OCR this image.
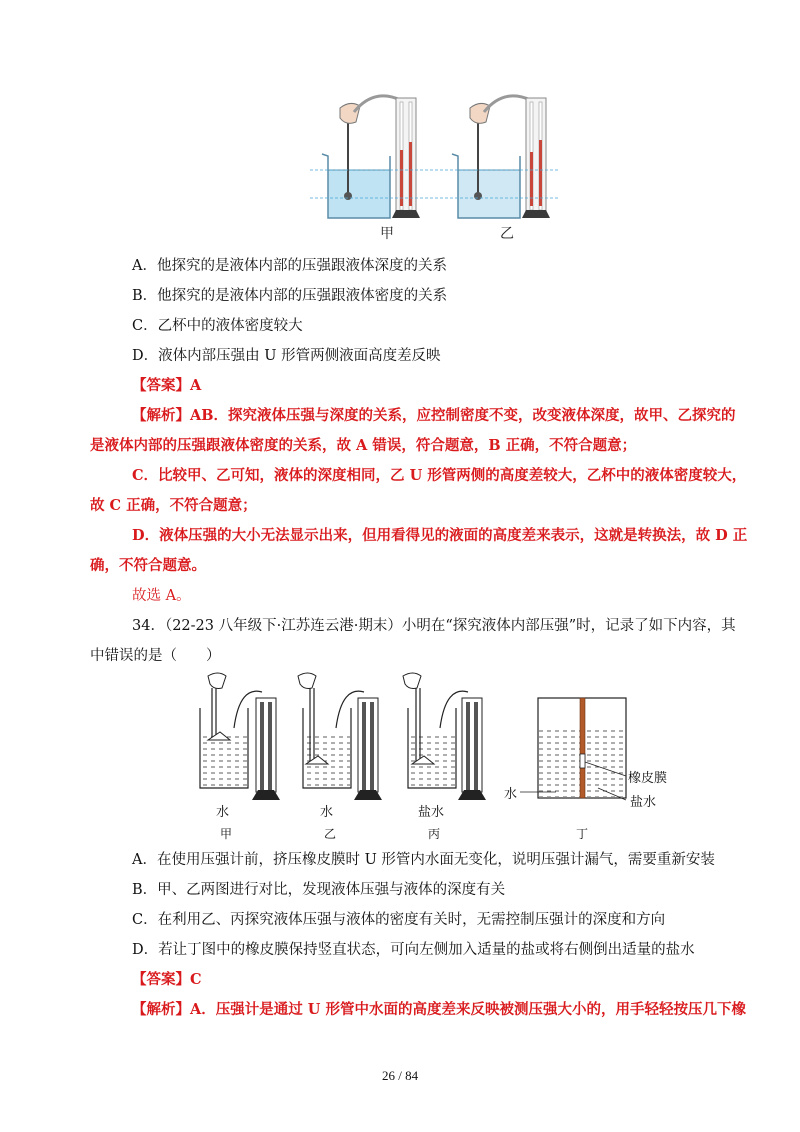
甲	乙
A．他探究的是液体内部的压强跟液体深度的关系
B．他探究的是液体内部的压强跟液体密度的关系
C．乙杯中的液体密度较大
D．液体内部压强由 U 形管两侧液面高度差反映
【答案】A
【解析】AB．探究液体压强与深度的关系，应控制密度不变，改变液体深度，故甲、乙探究的
是液体内部的压强跟液体密度的关系，故 A 错误，符合题意，B 正确，不符合题意；
C．比较甲、乙可知，液体的深度相同，乙 U 形管两侧的高度差较大，乙杯中的液体密度较大，
故 C 正确，不符合题意；
D．液体压强的大小无法显示出来，但用看得见的液面的高度差来表示，这就是转换法，故 D 正
确，不符合题意。
故选 A。
34．（22-23 八年级下·江苏连云港·期末）小明在“探究液体内部压强”时，记录了如下内容，其
中错误的是（　　）
水	水	盐水
甲	乙	丙	丁
橡皮膜
盐水
水
A．在使用压强计前，挤压橡皮膜时 U 形管内水面无变化，说明压强计漏气，需要重新安装
B．甲、乙两图进行对比，发现液体压强与液体的深度有关
C．在利用乙、丙探究液体压强与液体的密度有关时，无需控制压强计的深度和方向
D．若让丁图中的橡皮膜保持竖直状态，可向左侧加入适量的盐或将右侧倒出适量的盐水
【答案】C
【解析】A．压强计是通过 U 形管中水面的高度差来反映被测压强大小的，用手轻轻按压几下橡
26 / 84
